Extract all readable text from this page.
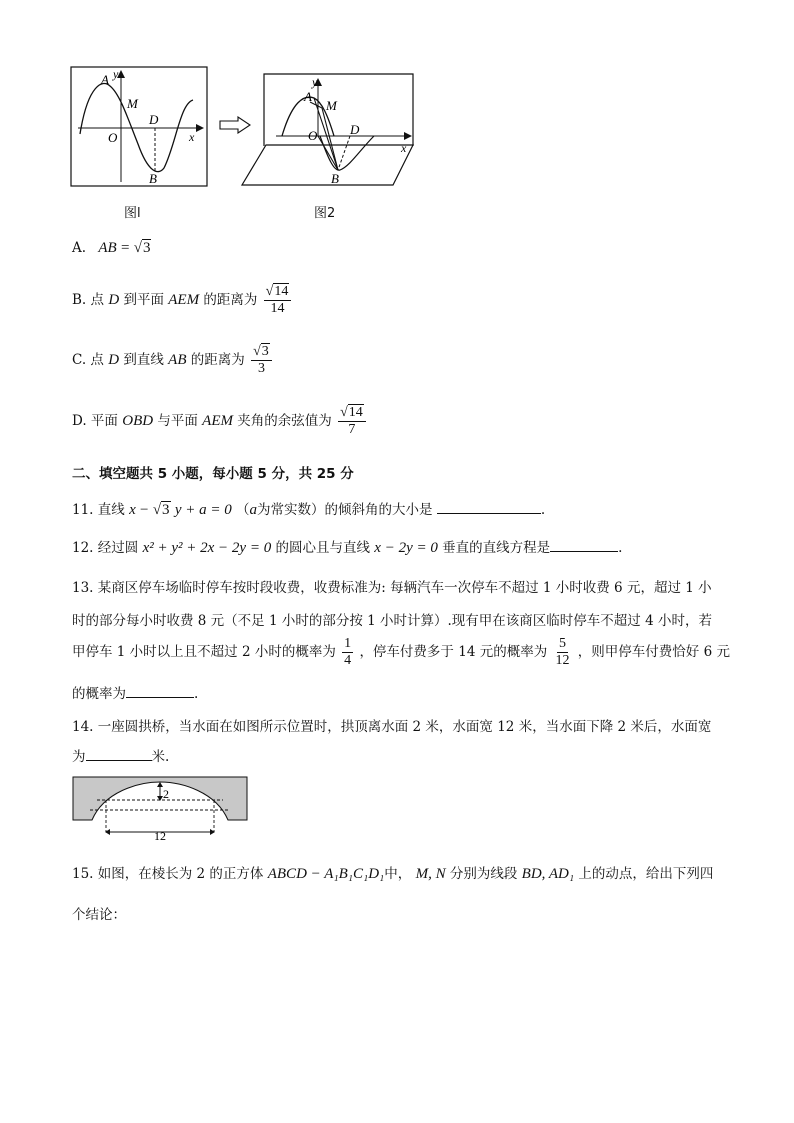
A y
M
O
D
x
B
y
A
M
O	D
x
B
图l	图2
A. AB = √3
B. 点 D 到平面 AEM 的距离为 $\frac{√14}{14}$
C. 点 D 到直线 AB 的距离为 $\frac{√3}{3}$
D. 平面 OBD 与平面 AEM 夹角的余弦值为 $\frac{√14}{7}$
二、填空题共 5 小题，每小题 5 分，共 25 分
11. 直线 x − √3 y + a = 0 （a为常实数）的倾斜角的大小是	.
12. 经过圆 x² + y² + 2x − 2y = 0 的圆心且与直线 x − 2y = 0 垂直的直线方程是	.
13. 某商区停车场临时停车按时段收费，收费标准为: 每辆汽车一次停车不超过 1 小时收费 6 元，超过 1 小
时的部分每小时收费 8 元（不足 1 小时的部分按 1 小时计算）.现有甲在该商区临时停车不超过 4 小时，若
甲停车 1 小时以上且不超过 2 小时的概率为 $\frac{1}{4}$ ，停车付费多于 14 元的概率为 $\frac{5}{12}$ ，则甲停车付费恰好 6 元
的概率为	.
14. 一座圆拱桥，当水面在如图所示位置时，拱顶离水面 2 米，水面宽 12 米，当水面下降 2 米后，水面宽
为	米.
2
12
15. 如图，在棱长为 2 的正方体 ABCD − A₁B₁C₁D₁中， M, N 分别为线段 BD, AD₁ 上的动点，给出下列四
个结论：
